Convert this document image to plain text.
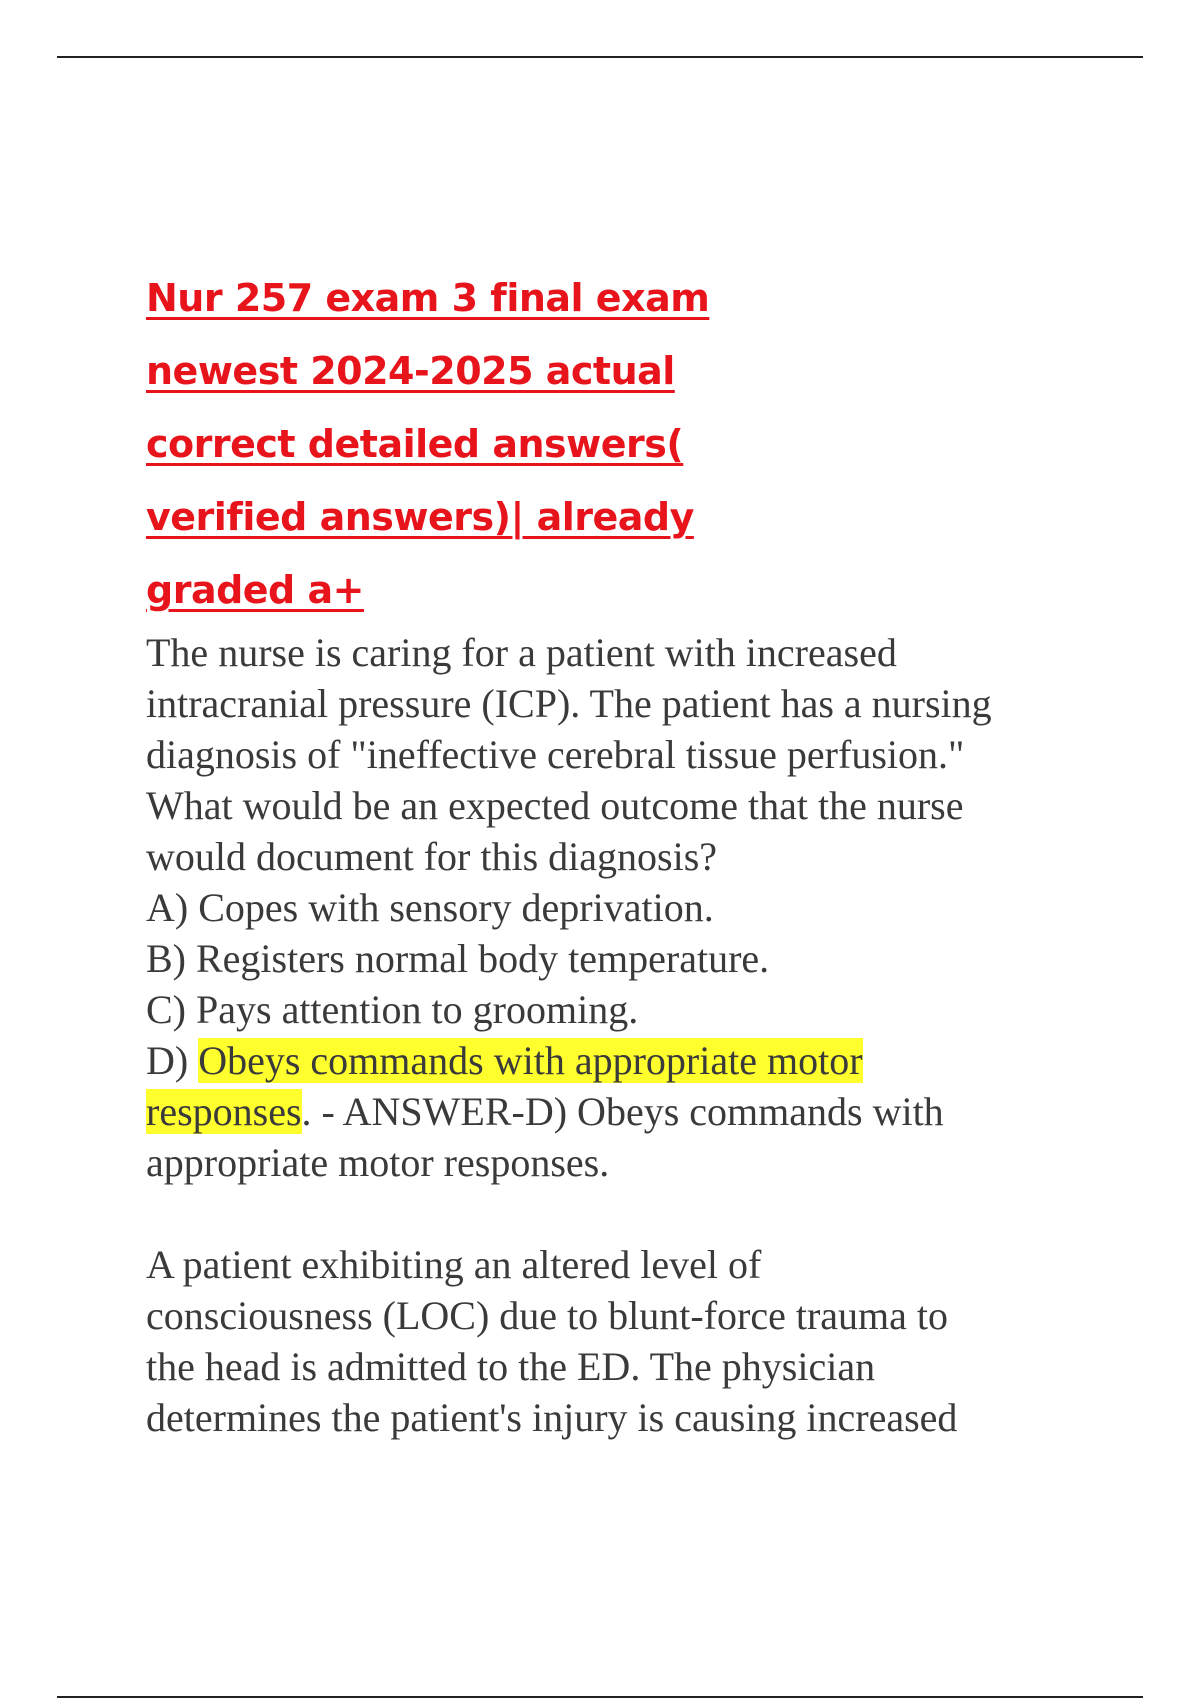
Nur 257 exam 3 final exam
newest 2024-2025 actual
correct detailed answers(
verified answers)| already
graded a+
The nurse is caring for a patient with increased
intracranial pressure (ICP). The patient has a nursing
diagnosis of "ineffective cerebral tissue perfusion."
What would be an expected outcome that the nurse
would document for this diagnosis?
A) Copes with sensory deprivation.
B) Registers normal body temperature.
C) Pays attention to grooming.
D) Obeys commands with appropriate motor
responses. - ANSWER-D) Obeys commands with
appropriate motor responses.
A patient exhibiting an altered level of
consciousness (LOC) due to blunt-force trauma to
the head is admitted to the ED. The physician
determines the patient's injury is causing increased
